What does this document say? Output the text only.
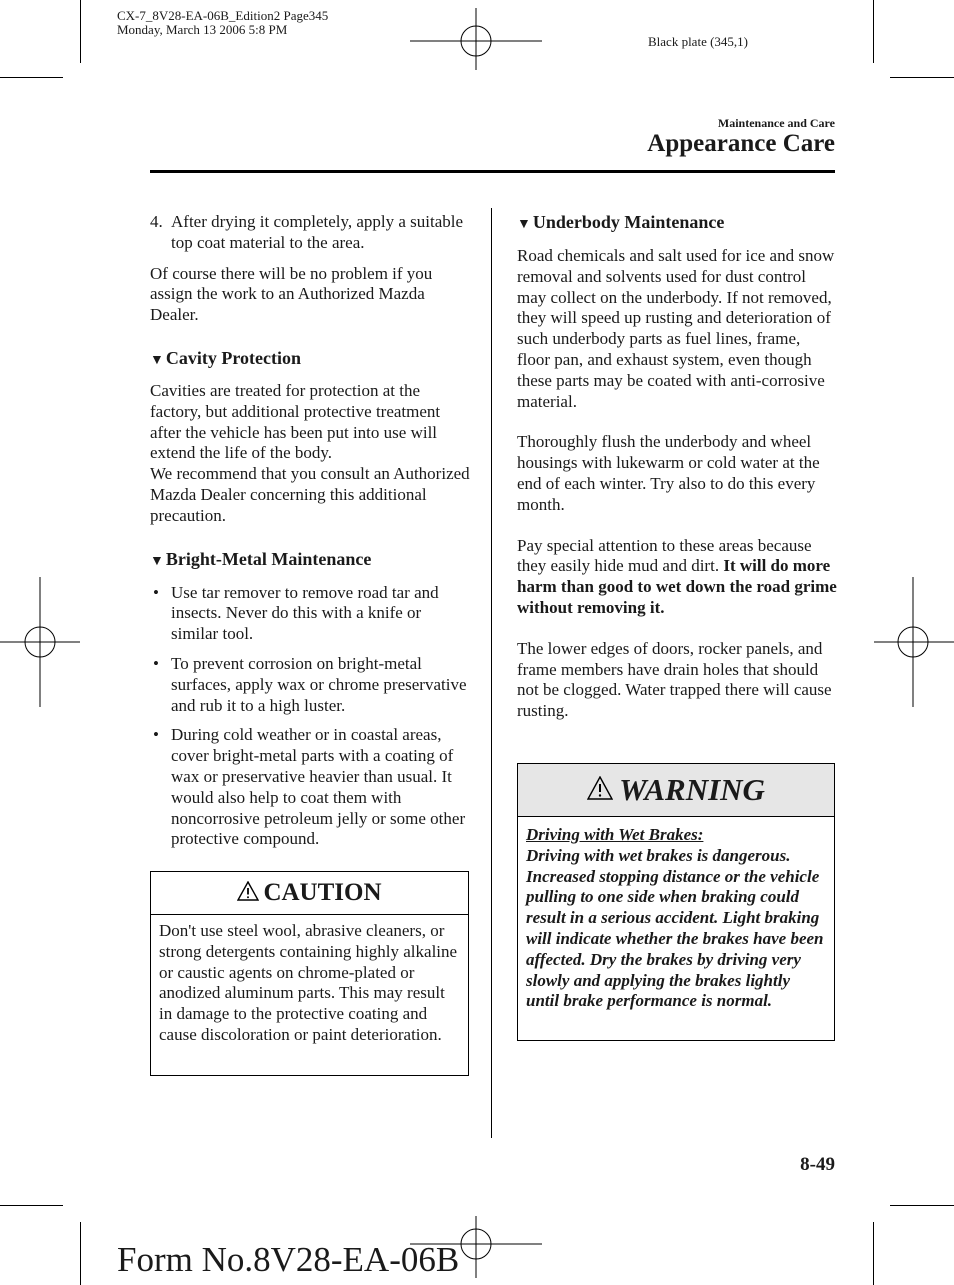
CX-7_8V28-EA-06B_Edition2 Page345
Monday, March 13 2006 5:8 PM
Black plate (345,1)
Maintenance and Care
Appearance Care
4. After drying it completely, apply a suitable top coat material to the area.

Of course there will be no problem if you assign the work to an Authorized Mazda Dealer.

▼ Cavity Protection

Cavities are treated for protection at the factory, but additional protective treatment after the vehicle has been put into use will extend the life of the body.

We recommend that you consult an Authorized Mazda Dealer concerning this additional precaution.

▼ Bright-Metal Maintenance
• Use tar remover to remove road tar and insects. Never do this with a knife or similar tool.
• To prevent corrosion on bright-metal surfaces, apply wax or chrome preservative and rub it to a high luster.
• During cold weather or in coastal areas, cover bright-metal parts with a coating of wax or preservative heavier than usual. It would also help to coat them with noncorrosive petroleum jelly or some other protective compound.
CAUTION
Don't use steel wool, abrasive cleaners, or strong detergents containing highly alkaline or caustic agents on chrome-plated or anodized aluminum parts. This may result in damage to the protective coating and cause discoloration or paint deterioration.
▼ Underbody Maintenance

Road chemicals and salt used for ice and snow removal and solvents used for dust control may collect on the underbody. If not removed, they will speed up rusting and deterioration of such underbody parts as fuel lines, frame, floor pan, and exhaust system, even though these parts may be coated with anti-corrosive material.

Thoroughly flush the underbody and wheel housings with lukewarm or cold water at the end of each winter. Try also to do this every month.

Pay special attention to these areas because they easily hide mud and dirt. It will do more harm than good to wet down the road grime without removing it.

The lower edges of doors, rocker panels, and frame members have drain holes that should not be clogged. Water trapped there will cause rusting.

WARNING
Driving with Wet Brakes:
Driving with wet brakes is dangerous. Increased stopping distance or the vehicle pulling to one side when braking could result in a serious accident. Light braking will indicate whether the brakes have been affected. Dry the brakes by driving very slowly and applying the brakes lightly until brake performance is normal.
8-49
Form No.8V28-EA-06B
